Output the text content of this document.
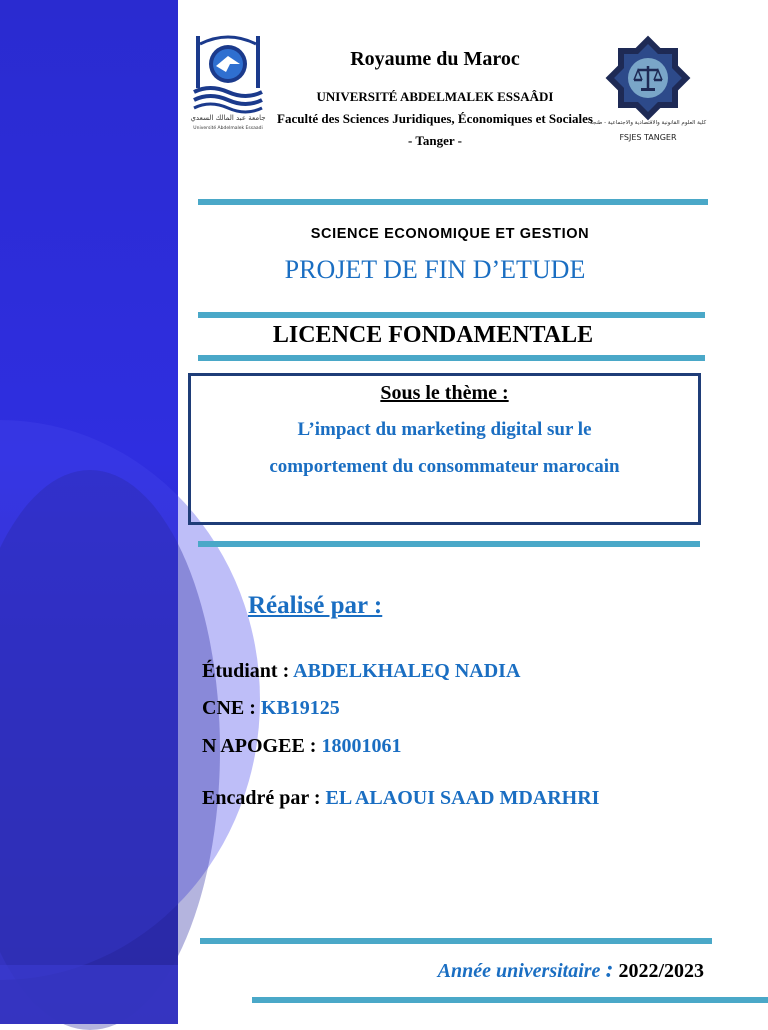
جامعة عبد المالك السعدي
Université Abdelmalek Essaadi
كلية العلوم القانونية والاقتصادية والاجتماعية - طنجة
FSJES TANGER
Royaume du Maroc
UNIVERSITÉ ABDELMALEK ESSAÂDI
Faculté des Sciences Juridiques, Économiques et Sociales
- Tanger -
SCIENCE ECONOMIQUE ET GESTION
PROJET DE FIN D’ETUDE
LICENCE FONDAMENTALE
Sous le thème :
L’impact du marketing digital sur le
comportement du consommateur marocain
Réalisé par :
Étudiant : ABDELKHALEQ NADIA
CNE : KB19125
N APOGEE : 18001061
Encadré par : EL ALAOUI SAAD MDARHRI
Année universitaire : 2022/2023
